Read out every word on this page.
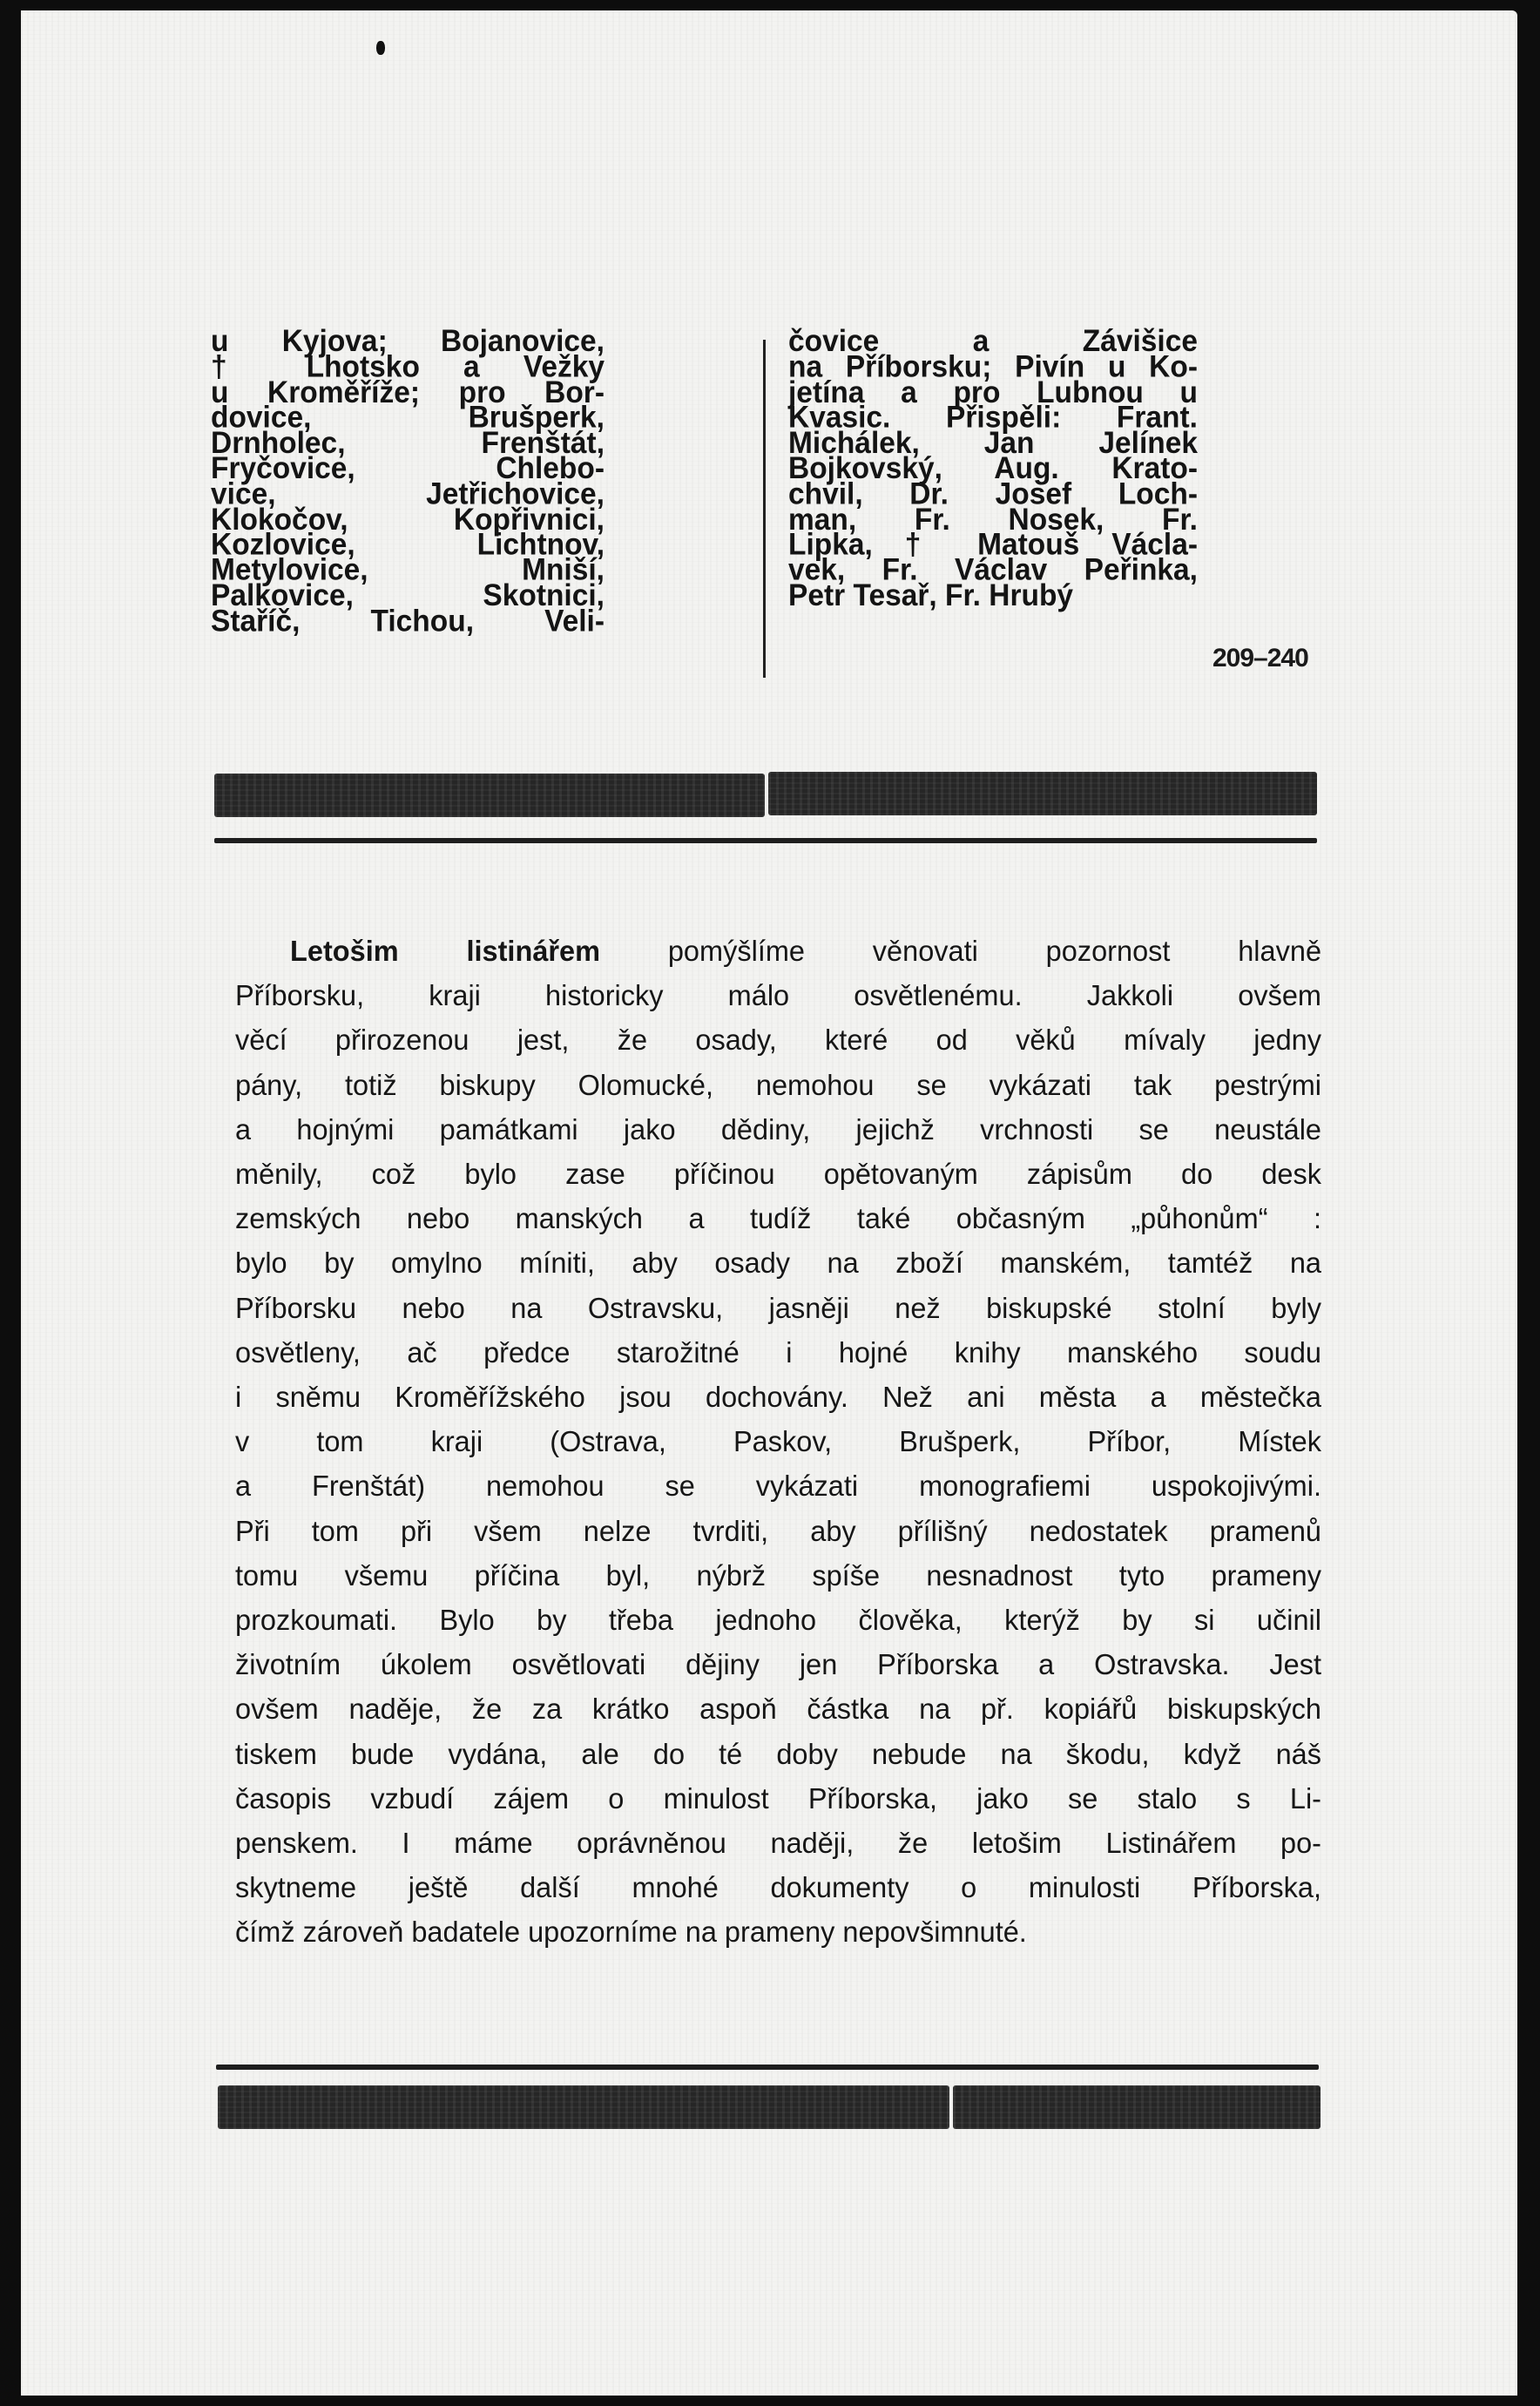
u Kyjova; Bojanovice,
† Lhotsko a Vežky
u Kroměříže; pro Bor-
dovice, Brušperk,
Drnholec, Frenštát,
Fryčovice, Chlebo-
vice, Jetřichovice,
Klokočov, Kopřivnici,
Kozlovice, Lichtnov,
Metylovice, Mniší,
Palkovice, Skotnici,
Staříč, Tichou, Veli-
čovice a Závišice
na Příborsku; Pivín u Ko-
jetína a pro Lubnou u
Kvasic. Přispěli: Frant.
Michálek, Jan Jelínek
Bojkovský, Aug. Krato-
chvil, Dr. Josef Loch-
man, Fr. Nosek, Fr.
Lipka, † Matouš Václa-
vek, Fr. Václav Peřinka,
Petr Tesař, Fr. Hrubý
209–240
Letošim listinářem pomýšlíme věnovati pozornost hlavně
Příborsku, kraji historicky málo osvětlenému. Jakkoli ovšem
věcí přirozenou jest, že osady, které od věků mívaly jedny
pány, totiž biskupy Olomucké, nemohou se vykázati tak pestrými
a hojnými památkami jako dědiny, jejichž vrchnosti se neustále
měnily, což bylo zase příčinou opětovaným zápisům do desk
zemských nebo manských a tudíž také občasným „půhonům“ :
bylo by omylno míniti, aby osady na zboží manském, tamtéž na
Příborsku nebo na Ostravsku, jasněji než biskupské stolní byly
osvětleny, ač předce starožitné i hojné knihy manského soudu
i sněmu Kroměřížského jsou dochovány. Než ani města a městečka
v tom kraji (Ostrava, Paskov, Brušperk, Příbor, Místek
a Frenštát) nemohou se vykázati monografiemi uspokojivými.
Při tom při všem nelze tvrditi, aby přílišný nedostatek pramenů
tomu všemu příčina byl, nýbrž spíše nesnadnost tyto prameny
prozkoumati. Bylo by třeba jednoho člověka, kterýž by si učinil
životním úkolem osvětlovati dějiny jen Příborska a Ostravska. Jest
ovšem naděje, že za krátko aspoň částka na př. kopiářů biskupských
tiskem bude vydána, ale do té doby nebude na škodu, když náš
časopis vzbudí zájem o minulost Příborska, jako se stalo s Li-
penskem. I máme oprávněnou naději, že letošim Listinářem po-
skytneme ještě další mnohé dokumenty o minulosti Příborska,
čímž zároveň badatele upozorníme na prameny nepovšimnuté.
